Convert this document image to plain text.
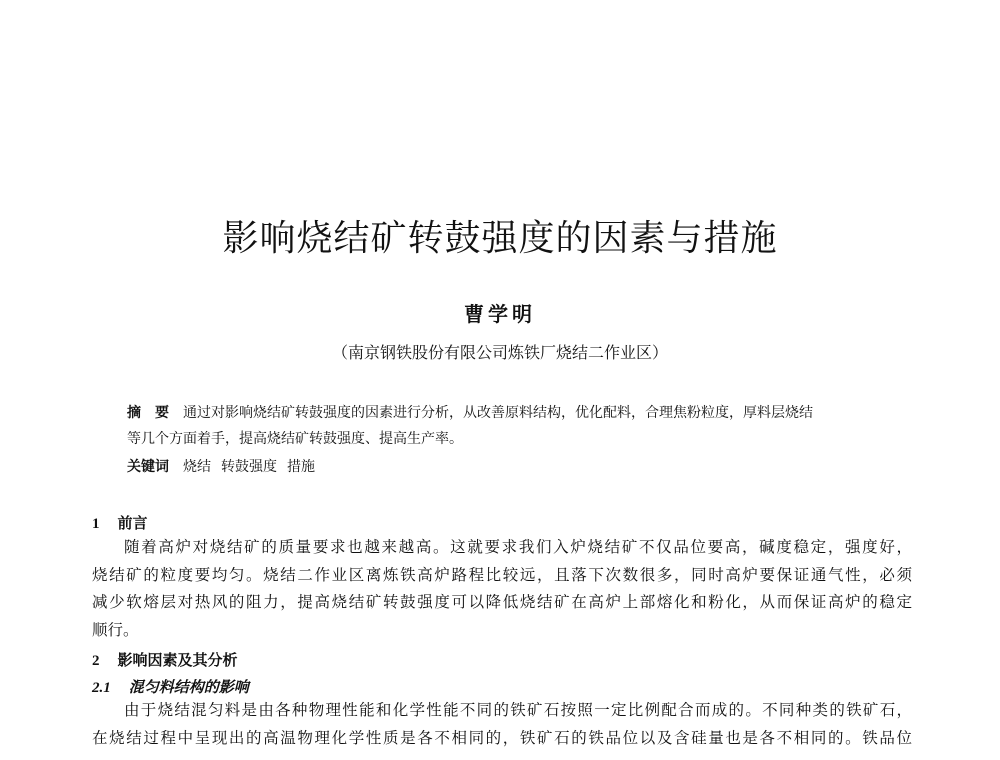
影响烧结矿转鼓强度的因素与措施
曹学明
（南京钢铁股份有限公司炼铁厂烧结二作业区）
摘　要 通过对影响烧结矿转鼓强度的因素进行分析，从改善原料结构，优化配料，合理焦粉粒度，厚料层烧结
等几个方面着手，提高烧结矿转鼓强度、提高生产率。
关键词 烧结 转鼓强度 措施
1 前言
随着高炉对烧结矿的质量要求也越来越高。这就要求我们入炉烧结矿不仅品位要高，碱度稳定，强度好，
烧结矿的粒度要均匀。烧结二作业区离炼铁高炉路程比较远，且落下次数很多，同时高炉要保证通气性，必须
减少软熔层对热风的阻力，提高烧结矿转鼓强度可以降低烧结矿在高炉上部熔化和粉化，从而保证高炉的稳定
顺行。
2 影响因素及其分析
2.1 混匀料结构的影响
由于烧结混匀料是由各种物理性能和化学性能不同的铁矿石按照一定比例配合而成的。不同种类的铁矿石，
在烧结过程中呈现出的高温物理化学性质是各不相同的，铁矿石的铁品位以及含硅量也是各不相同的。铁品位
